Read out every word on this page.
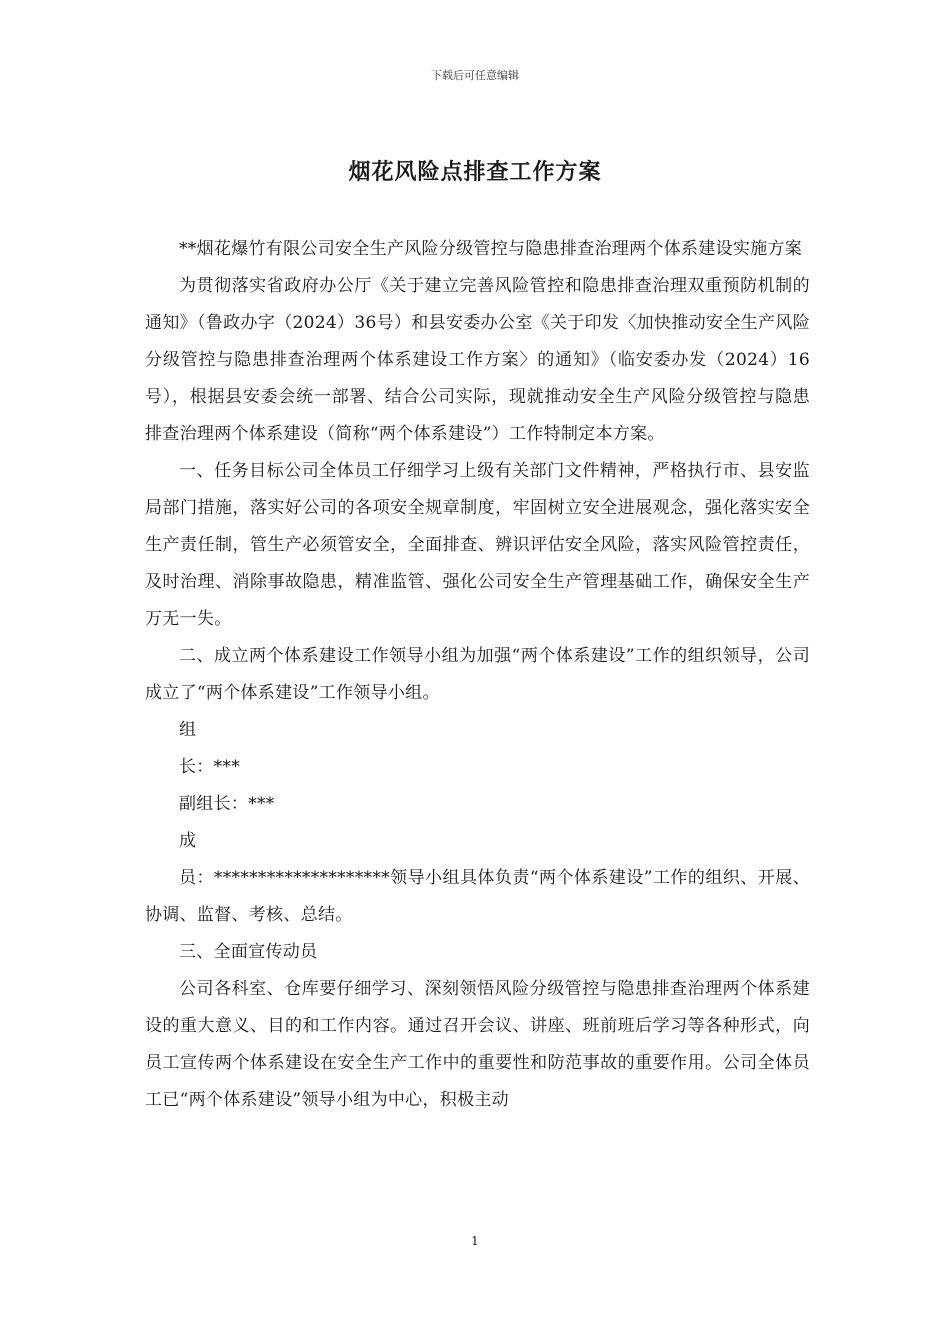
下载后可任意编辑
烟花风险点排查工作方案

**烟花爆竹有限公司安全生产风险分级管控与隐患排查治理两个体系建设实施方案

为贯彻落实省政府办公厅《关于建立完善风险管控和隐患排查治理双重预防机制的通知》（鲁政办字（2024）36号）和县安委办公室《关于印发〈加快推动安全生产风险分级管控与隐患排查治理两个体系建设工作方案〉的通知》（临安委办发（2024）16号），根据县安委会统一部署、结合公司实际，现就推动安全生产风险分级管控与隐患排查治理两个体系建设（简称“两个体系建设”）工作特制定本方案。

一、任务目标公司全体员工仔细学习上级有关部门文件精神，严格执行市、县安监局部门措施，落实好公司的各项安全规章制度，牢固树立安全进展观念，强化落实安全生产责任制，管生产必须管安全，全面排查、辨识评估安全风险，落实风险管控责任，及时治理、消除事故隐患，精准监管、强化公司安全生产管理基础工作，确保安全生产万无一失。

二、成立两个体系建设工作领导小组为加强“两个体系建设”工作的组织领导，公司成立了“两个体系建设”工作领导小组。

组

长：***

副组长：***

成

员：********************领导小组具体负责“两个体系建设”工作的组织、开展、协调、监督、考核、总结。

三、全面宣传动员

公司各科室、仓库要仔细学习、深刻领悟风险分级管控与隐患排查治理两个体系建设的重大意义、目的和工作内容。通过召开会议、讲座、班前班后学习等各种形式，向员工宣传两个体系建设在安全生产工作中的重要性和防范事故的重要作用。公司全体员工已“两个体系建设”领导小组为中心，积极主动

1
